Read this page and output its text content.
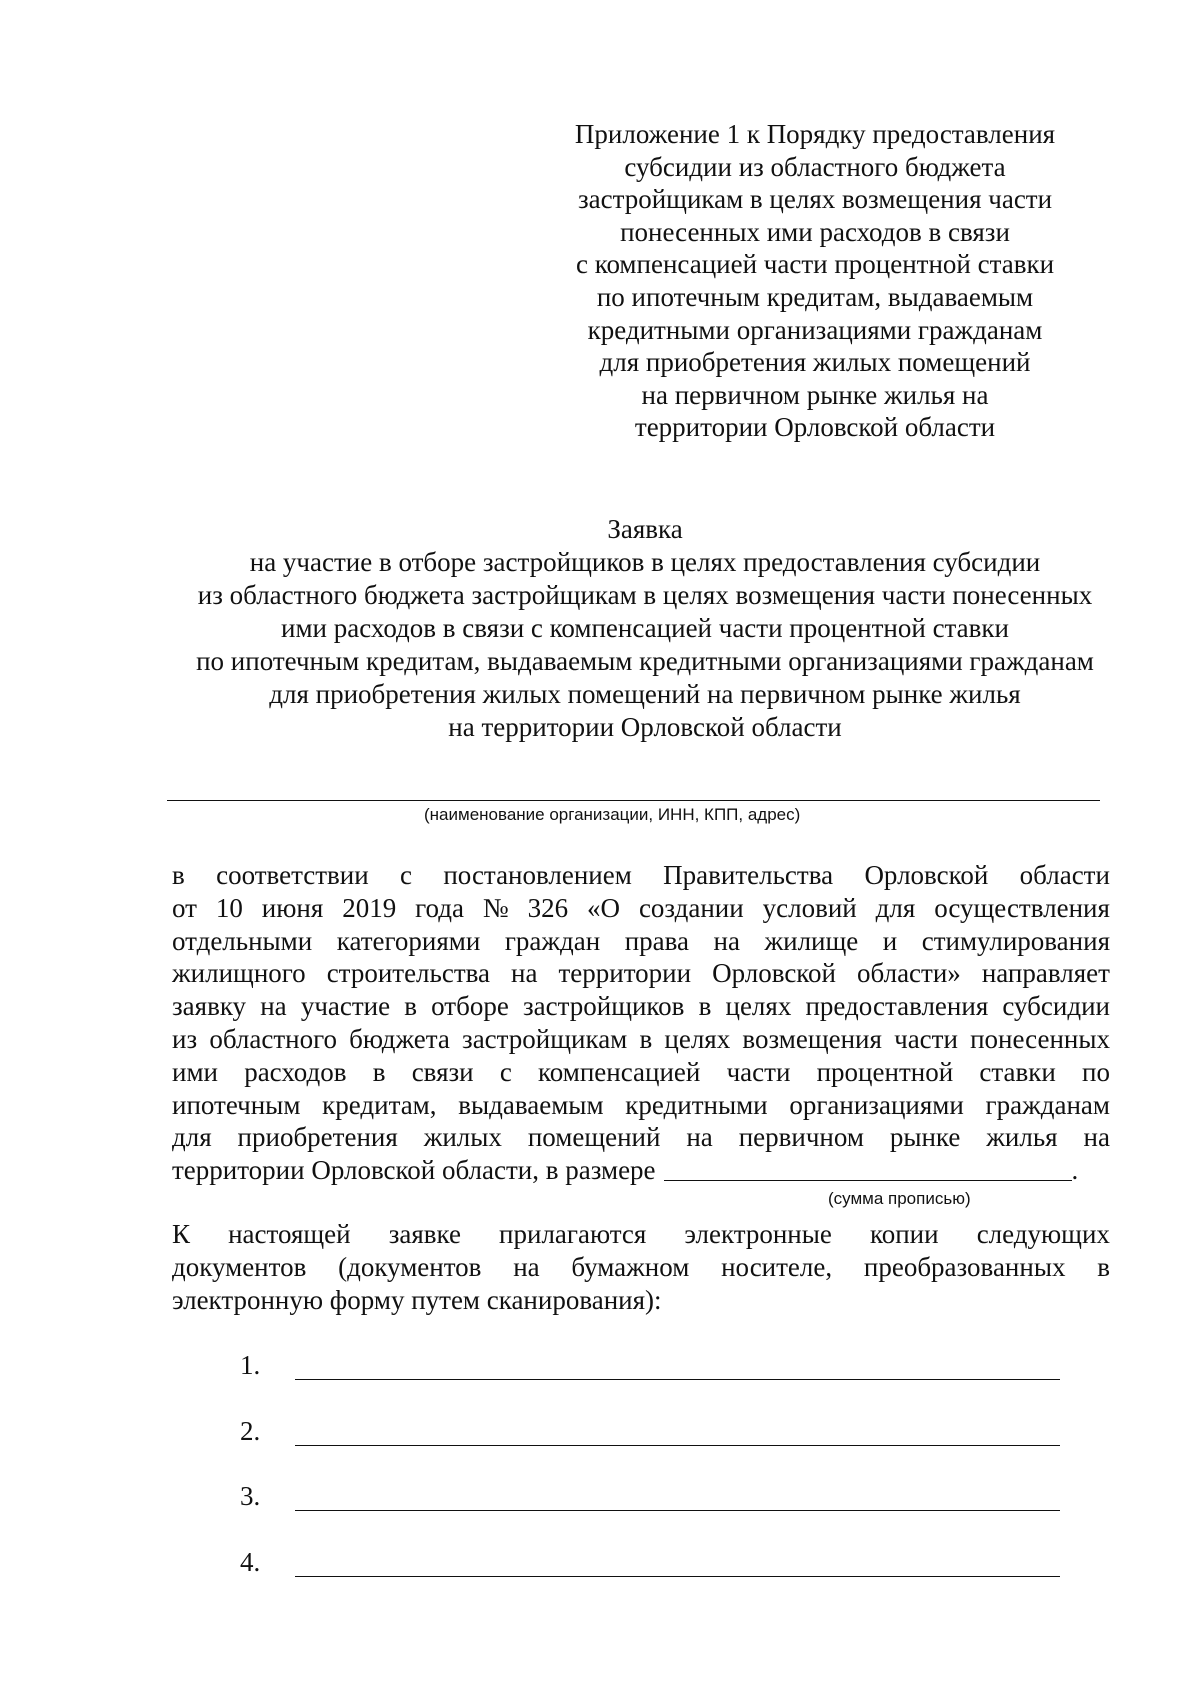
Приложение 1 к Порядку предоставления
субсидии из областного бюджета
застройщикам в целях возмещения части
понесенных ими расходов в связи
с компенсацией части процентной ставки
по ипотечным кредитам, выдаваемым
кредитными организациями гражданам
для приобретения жилых помещений
на первичном рынке жилья на
территории Орловской области
Заявка
на участие в отборе застройщиков в целях предоставления субсидии
из областного бюджета застройщикам в целях возмещения части понесенных
ими расходов в связи с компенсацией части процентной ставки
по ипотечным кредитам, выдаваемым кредитными организациями гражданам
для приобретения жилых помещений на первичном рынке жилья
на территории Орловской области
(наименование организации, ИНН, КПП, адрес)
в соответствии с постановлением Правительства Орловской области
от 10 июня 2019 года № 326 «О создании условий для осуществления
отдельными категориями граждан права на жилище и стимулирования
жилищного строительства на территории Орловской области» направляет
заявку на участие в отборе застройщиков в целях предоставления субсидии
из областного бюджета застройщикам в целях возмещения части понесенных
ими расходов в связи с компенсацией части процентной ставки по
ипотечным кредитам, выдаваемым кредитными организациями гражданам
для приобретения жилых помещений на первичном рынке жилья на
территории Орловской области, в размере	.
(сумма прописью)
К настоящей заявке прилагаются электронные копии следующих
документов (документов на бумажном носителе, преобразованных в
электронную форму путем сканирования):
1.
2.
3.
4.
